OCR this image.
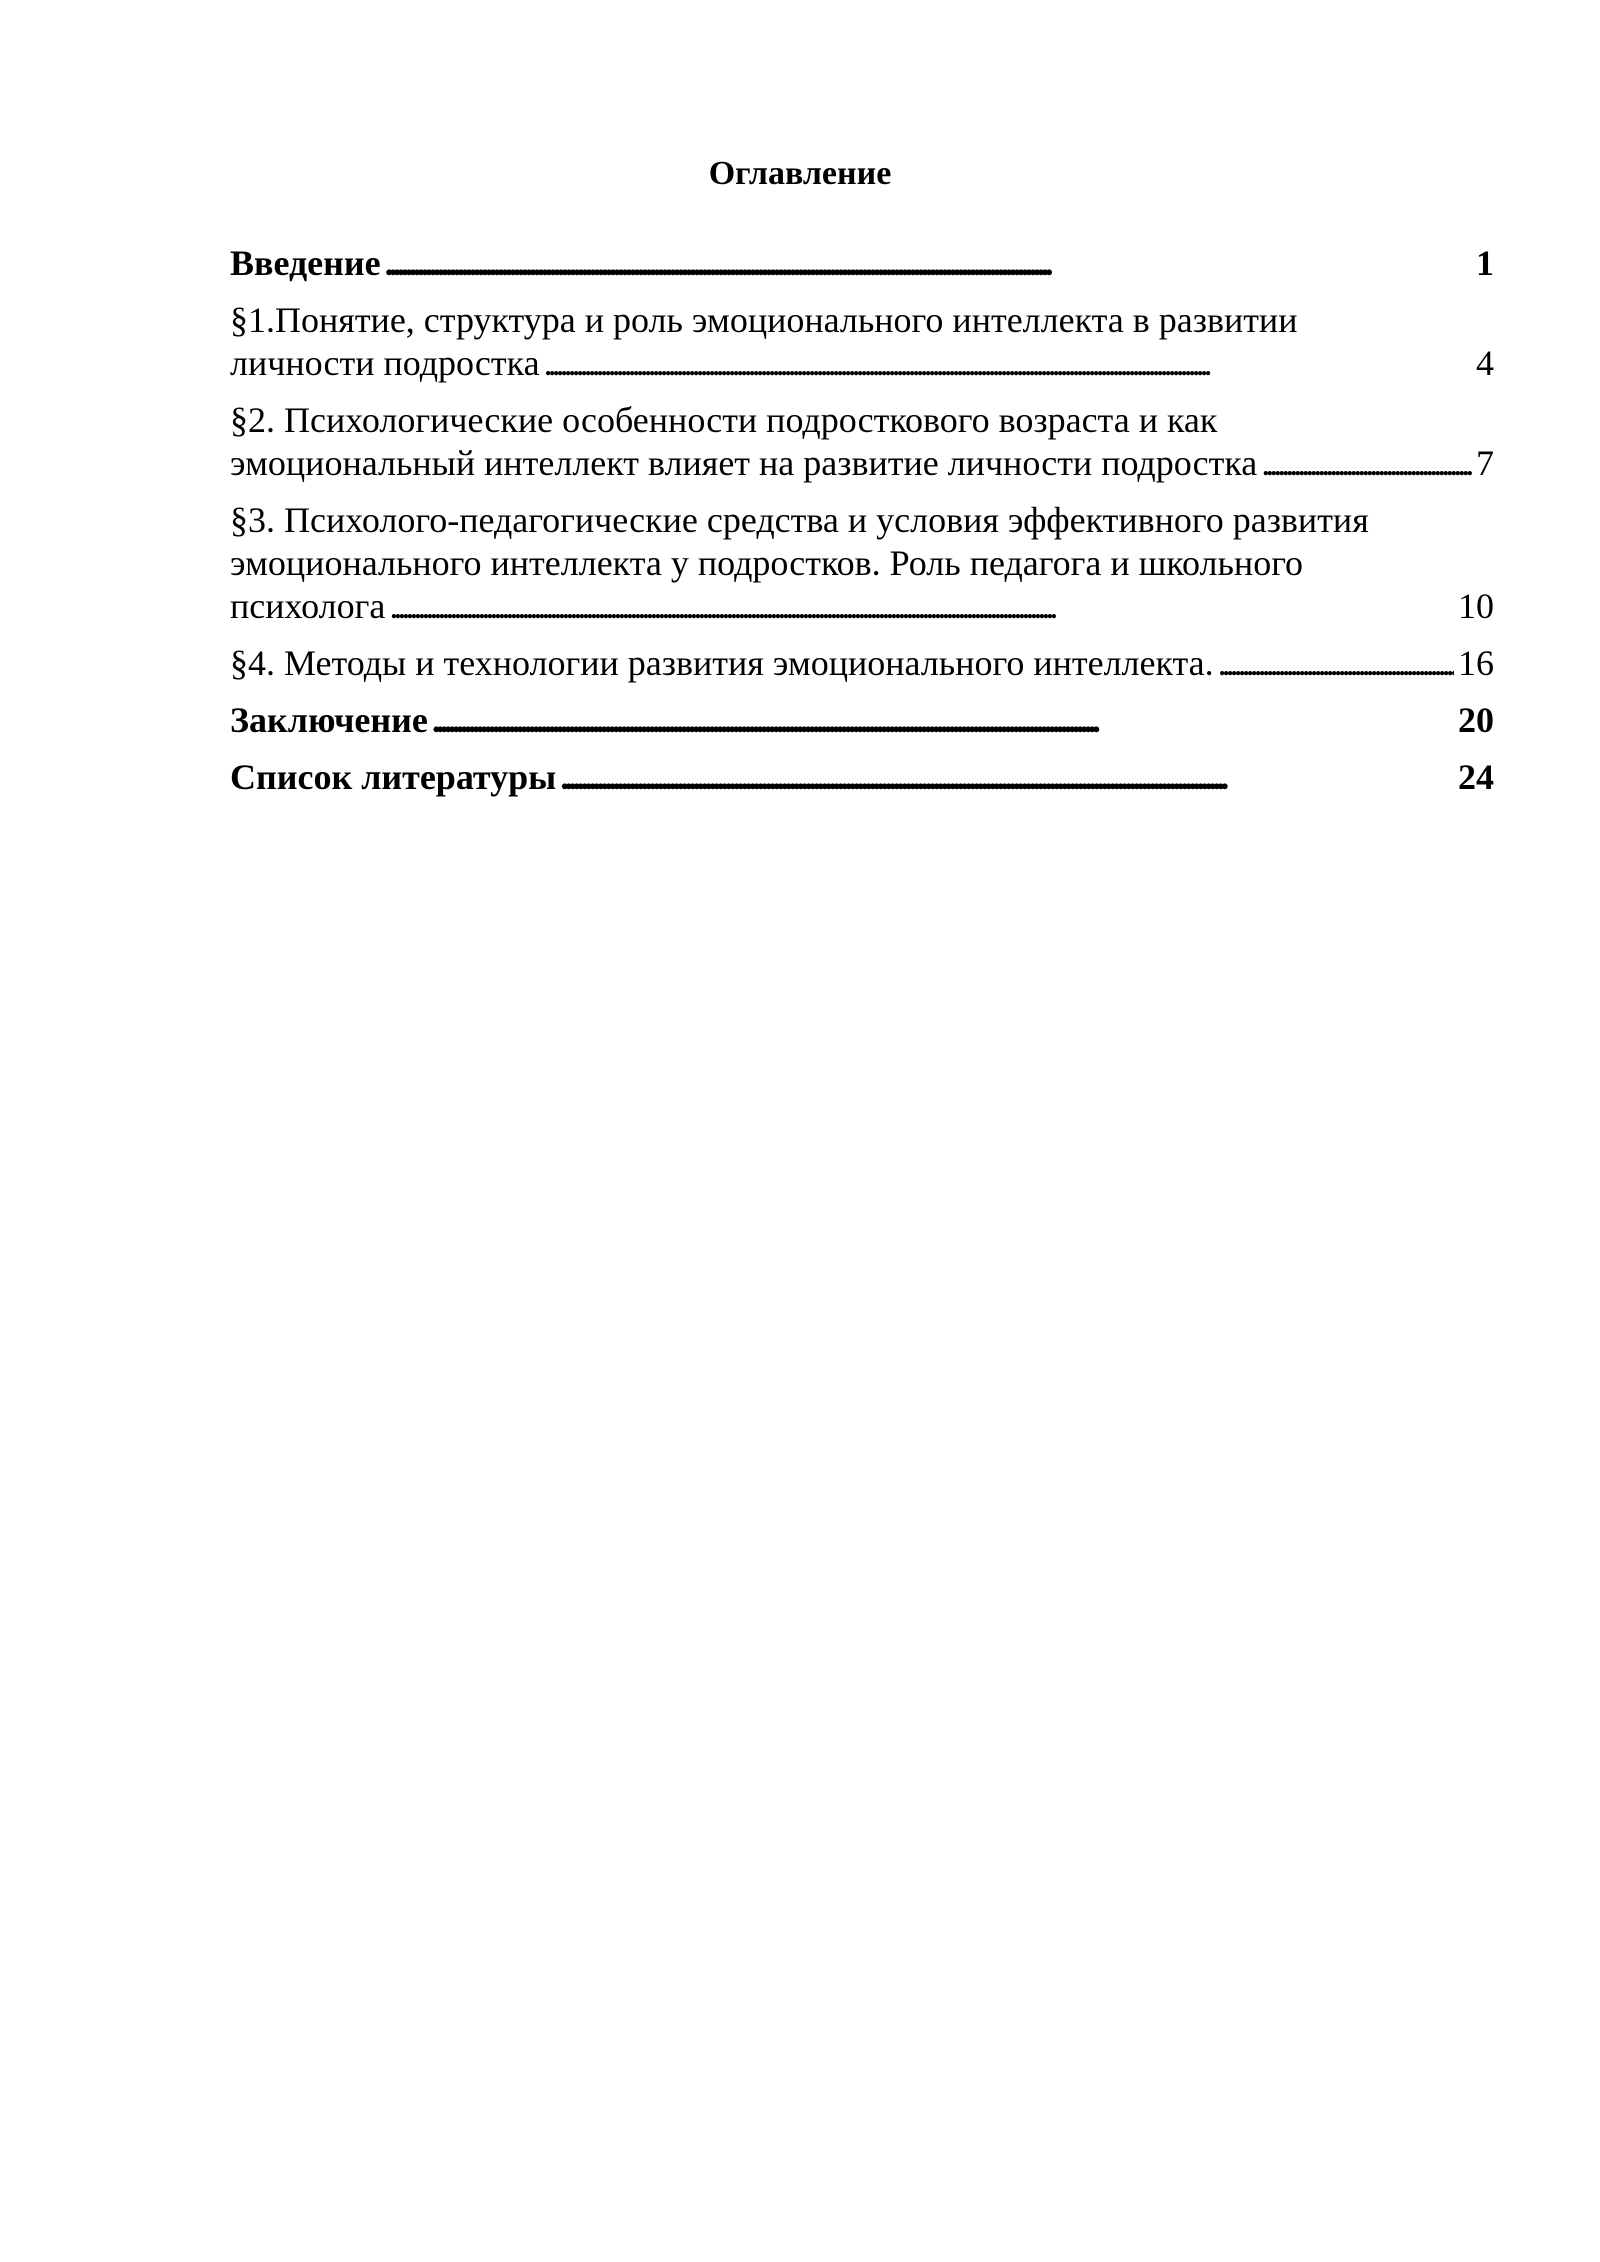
Оглавление
Введение . . .	1
§1.Понятие, структура и роль эмоционального интеллекта в развитии
личности подростка . . .	4
§2. Психологические особенности подросткового возраста и как
эмоциональный интеллект влияет на развитие личности подростка . . .	7
§3. Психолого-педагогические средства и условия эффективного развития
эмоционального интеллекта у подростков. Роль педагога и школьного
психолога . . .	10
§4. Методы и технологии развития эмоционального интеллекта. . . .	16
Заключение . . .	20
Список литературы . . .	24
